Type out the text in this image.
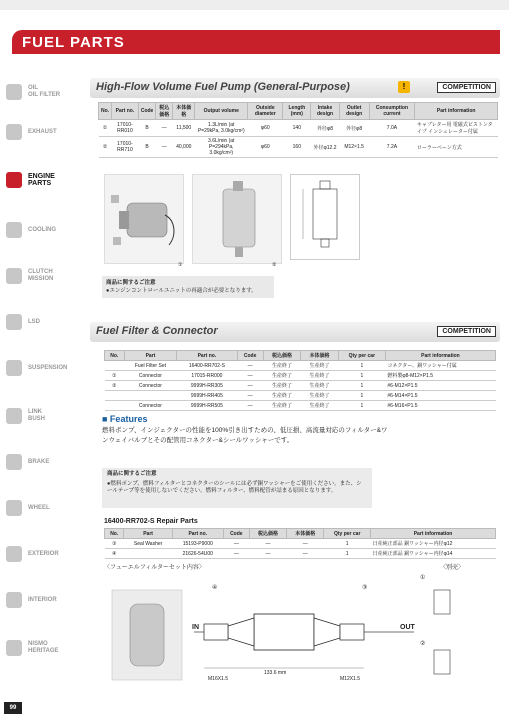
FUEL PARTS
OIL
OIL FILTER
EXHAUST
ENGINE
PARTS
COOLING
CLUTCH
MISSION
LSD
SUSPENSION
LINK
BUSH
BRAKE
WHEEL
EXTERIOR
INTERIOR
NISMO
HERITAGE
High-Flow Volume Fuel Pump (General-Purpose)	!	COMPETITION
No.	Part no.	Code	税込価格	本体価格	Output volume	Outside diameter	Length (mm)	Intake design	Outlet design	Consumption current	Part information
①	17010-RR010	B	—	11,500	1.3L/min (at P=29kPa, 3.0kg/cm²)	φ60	140	外径φ8	外径φ8	7.0A	キャブレター用 電磁式ピストンタイプ インシュレーター付属
②	17010-RR710	B	—	40,000	3.6L/min (at P=294kPa, 3.0kg/cm²)	φ60	160	外径φ12.2	M12×1.5	7.2A	ローラーベーン方式
①	②
商品に関するご注意
●エンジンコントロールユニットの再適合が必要となります。
Fuel Filter & Connector	COMPETITION
No.	Part	Part no.	Code	税込価格	本体価格	Qty per car	Part information
	Fuel Filter Set	16400-RR702-S	—	生産終了	生産終了	1	コネクター、銅ワッシャー付属
①	Connector	17015-RR000	—	生産終了	生産終了	1	燃料製φ8-M12×P1.5
②	Connector	9999H-RR305	—	生産終了	生産終了	1	#6-M12×P1.5
		9999H-RR405	—	生産終了	生産終了	1	#6-M14×P1.5
	Connector	9999H-RR505	—	生産終了	生産終了	1	#6-M16×P1.5
■ Features
燃料ポンプ、インジェクターの性能を100%引き出すための、低圧損、高流量対応のフィルター&ワンウェイバルブとその配管用コネクター&シールワッシャーです。
商品に関するご注意
●燃料ポンプ、燃料フィルターとコネクターのシールには必ず銅ワッシャーをご使用ください。また、シールテープ等を使用しないでください。燃料フィルター、燃料配管が詰まる原因となります。
16400-RR702-S Repair Parts
No.	Part	Part no.	Code	税込価格	本体価格	Qty per car	Part information
③	Seal Washer	15193-P9000	—	—	—	1	日産純正部品 銅ワッシャー内径φ12
④		21626-54U00	—	—	—	1	日産純正部品 銅ワッシャー内径φ14
〈フューエルフィルターセット内容〉	〈別売〉
IN	OUT
133.6 mm
M16X1.5	M12X1.5
④	③
①
②
99
